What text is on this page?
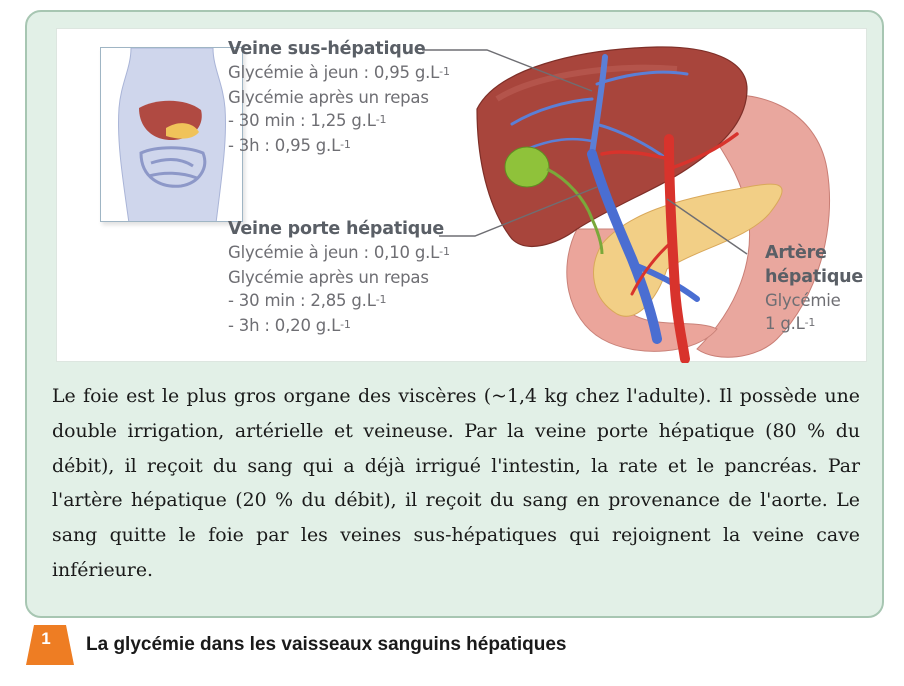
Veine sus-hépatique
Glycémie à jeun : 0,95 $g.L^{-1}$
Glycémie après un repas
- 30 min : 1,25 $g.L^{-1}$
- 3h : 0,95 $g.L^{-1}$
Veine porte hépatique
Glycémie à jeun : 0,10 $g.L^{-1}$
Glycémie après un repas
- 30 min : 2,85 $g.L^{-1}$
- 3h : 0,20 $g.L^{-1}$
Artère
hépatique
Glycémie
1 $g.L^{-1}$
Le foie est le plus gros organe des viscères (~1,4 kg chez l'adulte). Il possède une double irrigation, artérielle et veineuse. Par la veine porte hépatique (80 % du débit), il reçoit du sang qui a déjà irrigué l'intestin, la rate et le pancréas. Par l'artère hépatique (20 % du débit), il reçoit du sang en provenance de l'aorte. Le sang quitte le foie par les veines sus-hépatiques qui rejoignent la veine cave inférieure.
1	La glycémie dans les vaisseaux sanguins hépatiques
